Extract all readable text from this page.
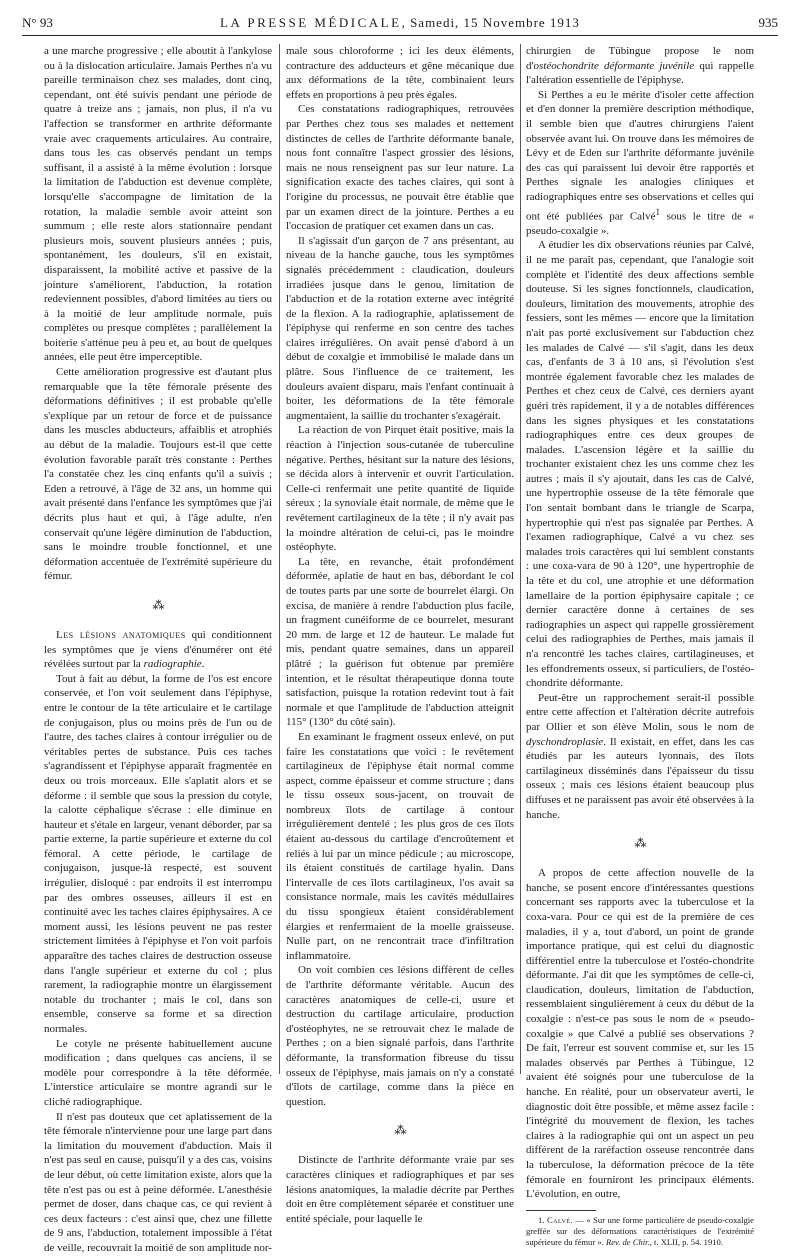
N° 93	LA PRESSE MÉDICALE, Samedi, 15 Novembre 1913	935

a une marche progressive ; elle aboutit à l'ankylose ou à la dislocation articulaire. Jamais Perthes n'a vu pareille terminaison chez ses malades, dont cinq, cependant, ont été suivis pendant une période de quatre à treize ans ; jamais, non plus, il n'a vu l'affection se transformer en arthrite déformante vraie avec craquements articulaires. Au contraire, dans tous les cas observés pendant un temps suffisant, il a assisté à la même évolution : lorsque la limitation de l'abduction est devenue complète, lorsqu'elle s'accompagne de limitation de la rotation, la maladie semble avoir atteint son summum ; elle reste alors stationnaire pendant plusieurs mois, souvent plusieurs années ; puis, spontanément, les douleurs, s'il en existait, disparaissent, la mobilité active et passive de la jointure s'améliorent, l'abduction, la rotation redeviennent possibles, d'abord limitées au tiers ou à la moitié de leur amplitude normale, puis complètes ou presque complètes ; parallèlement la boiterie s'atténue peu à peu et, au bout de quelques années, elle peut être imperceptible.

Cette amélioration progressive est d'autant plus remarquable que la tête fémorale présente des déformations définitives ; il est probable qu'elle s'explique par un retour de force et de puissance dans les muscles abducteurs, affaiblis et atrophiés au début de la maladie. Toujours est-il que cette évolution favorable paraît très constante : Perthes l'a constatée chez les cinq enfants qu'il a suivis ; Eden a retrouvé, à l'âge de 32 ans, un homme qui avait présenté dans l'enfance les symptômes que j'ai décrits plus haut et qui, à l'âge adulte, n'en conservait qu'une légère diminution de l'abduction, sans le moindre trouble fonctionnel, et une déformation accentuée de l'extrémité supérieure du fémur.

⁂

Les lésions anatomiques qui conditionnent les symptômes que je viens d'énumérer ont été révélées surtout par la radiographie.

Tout à fait au début, la forme de l'os est encore conservée, et l'on voit seulement dans l'épiphyse, entre le contour de la tête articulaire et le cartilage de conjugaison, plus ou moins près de l'un ou de l'autre, des taches claires à contour irrégulier ou de véritables pertes de substance. Puis ces taches s'agrandissent et l'épiphyse apparaît fragmentée en deux ou trois morceaux. Elle s'aplatit alors et se déforme : il semble que sous la pression du cotyle, la calotte céphalique s'écrase : elle diminue en hauteur et s'étale en largeur, venant déborder, par sa partie externe, la partie supérieure et externe du col fémoral. A cette période, le cartilage de conjugaison, jusque-là respecté, est souvent irrégulier, disloqué : par endroits il est interrompu par des ombres osseuses, ailleurs il est en continuité avec les taches claires épiphysaires. A ce moment aussi, les lésions peuvent ne pas rester strictement limitées à l'épiphyse et l'on voit parfois apparaître des taches claires de destruction osseuse dans l'angle supérieur et externe du col ; plus rarement, la radiographie montre un élargissement notable du trochanter ; mais le col, dans son ensemble, conserve sa forme et sa direction normales.

Le cotyle ne présente habituellement aucune modification ; dans quelques cas anciens, il se modèle pour correspondre à la tête déformée. L'interstice articulaire se montre agrandi sur le cliché radiographique.

Il n'est pas douteux que cet aplatissement de la tête fémorale n'intervienne pour une large part dans la limitation du mouvement d'abduction. Mais il n'est pas seul en cause, puisqu'il y a des cas, voisins de leur début, où cette limitation existe, alors que la tête n'est pas ou est à peine déformée. L'anesthésie permet de doser, dans chaque cas, ce qui revient à ces deux facteurs : c'est ainsi que, chez une fillette de 9 ans, l'abduction, totalement impossible à l'état de veille, recouvrait la moitié de son amplitude nor-

male sous chloroforme ; ici les deux éléments, contracture des adducteurs et gêne mécanique due aux déformations de la tête, combinaient leurs effets en proportions à peu près égales.

Ces constatations radiographiques, retrouvées par Perthes chez tous ses malades et nettement distinctes de celles de l'arthrite déformante banale, nous font connaître l'aspect grossier des lésions, mais ne nous renseignent pas sur leur nature. La signification exacte des taches claires, qui sont à l'origine du processus, ne pouvait être établie que par un examen direct de la jointure. Perthes a eu l'occasion de pratiquer cet examen dans un cas.

Il s'agissait d'un garçon de 7 ans présentant, au niveau de la hanche gauche, tous les symptômes signalés précédemment : claudication, douleurs irradiées jusque dans le genou, limitation de l'abduction et de la rotation externe avec intégrité de la flexion. A la radiographie, aplatissement de l'épiphyse qui renferme en son centre des taches claires irrégulières. On avait pensé d'abord à un début de coxalgie et immobilisé le malade dans un plâtre. Sous l'influence de ce traitement, les douleurs avaient disparu, mais l'enfant continuait à boiter, les déformations de la tête fémorale augmentaient, la saillie du trochanter s'exagérait.

La réaction de von Pirquet était positive, mais la réaction à l'injection sous-cutanée de tuberculine négative. Perthes, hésitant sur la nature des lésions, se décida alors à intervenir et ouvrit l'articulation. Celle-ci renfermait une petite quantité de liquide séreux ; la synoviale était normale, de même que le revêtement cartilagineux de la tête ; il n'y avait pas la moindre altération de celui-ci, pas le moindre ostéophyte.

La tête, en revanche, était profondément déformée, aplatie de haut en bas, débordant le col de toutes parts par une sorte de bourrelet élargi. On excisa, de manière à rendre l'abduction plus facile, un fragment cunéiforme de ce bourrelet, mesurant 20 mm. de large et 12 de hauteur. Le malade fut mis, pendant quatre semaines, dans un appareil plâtré ; la guérison fut obtenue par première intention, et le résultat thérapeutique donna toute satisfaction, puisque la rotation redevint tout à fait normale et que l'amplitude de l'abduction atteignit 115° (130° du côté sain).

En examinant le fragment osseux enlevé, on put faire les constatations que voici : le revêtement cartilagineux de l'épiphyse était normal comme aspect, comme épaisseur et comme structure ; dans le tissu osseux sous-jacent, on trouvait de nombreux îlots de cartilage à contour irrégulièrement dentelé ; les plus gros de ces îlots étaient au-dessous du cartilage d'encroûtement et reliés à lui par un mince pédicule ; au microscope, ils étaient constitués de cartilage hyalin. Dans l'intervalle de ces îlots cartilagineux, l'os avait sa consistance normale, mais les cavités médullaires du tissu spongieux étaient considérablement élargies et renfermaient de la moelle graisseuse. Nulle part, on ne rencontrait trace d'infiltration inflammatoire.

On voit combien ces lésions diffèrent de celles de l'arthrite déformante véritable. Aucun des caractères anatomiques de celle-ci, usure et destruction du cartilage articulaire, production d'ostéophytes, ne se retrouvait chez le malade de Perthes ; on a bien signalé parfois, dans l'arthrite déformante, la transformation fibreuse du tissu osseux de l'épiphyse, mais jamais on n'y a constaté d'îlots de cartilage, comme dans la pièce en question.

⁂

Distincte de l'arthrite déformante vraie par ses caractères cliniques et radiographiques et par ses lésions anatomiques, la maladie décrite par Perthes doit en être complètement séparée et constituer une entité spéciale, pour laquelle le

chirurgien de Tübingue propose le nom d'ostéochondrite déformante juvénile qui rappelle l'altération essentielle de l'épiphyse.

Si Perthes a eu le mérite d'isoler cette affection et d'en donner la première description méthodique, il semble bien que d'autres chirurgiens l'aient observée avant lui. On trouve dans les mémoires de Lévy et de Eden sur l'arthrite déformante juvénile des cas qui paraissent lui devoir être rapportés et Perthes signale les analogies cliniques et radiographiques entre ses observations et celles qui ont été publiées par Calvé$^1$ sous le titre de « pseudo-coxalgie ».

A étudier les dix observations réunies par Calvé, il ne me paraît pas, cependant, que l'analogie soit complète et l'identité des deux affections semble douteuse. Si les signes fonctionnels, claudication, douleurs, limitation des mouvements, atrophie des fessiers, sont les mêmes — encore que la limitation n'ait pas porté exclusivement sur l'abduction chez les malades de Calvé — s'il s'agit, dans les deux cas, d'enfants de 3 à 10 ans, si l'évolution s'est montrée également favorable chez les malades de Perthes et chez ceux de Calvé, ces derniers ayant guéri très rapidement, il y a de notables différences dans les signes physiques et les constatations radiographiques entre ces deux groupes de malades. L'ascension légère et la saillie du trochanter existaient chez les uns comme chez les autres ; mais il s'y ajoutait, dans les cas de Calvé, une hypertrophie osseuse de la tête fémorale que l'on sentait bombant dans le triangle de Scarpa, hypertrophie qui n'est pas signalée par Perthes. A l'examen radiographique, Calvé a vu chez ses malades trois caractères qui lui semblent constants : une coxa-vara de 90 à 120°, une hypertrophie de la tête et du col, une atrophie et une déformation lamellaire de la portion épiphysaire capitale ; ce dernier caractère donne à certaines de ses radiographies un aspect qui rappelle grossièrement celui des radiographies de Perthes, mais jamais il n'a rencontré les taches claires, cartilagineuses, et les effondrements osseux, si particuliers, de l'ostéo-chondrite déformante.

Peut-être un rapprochement serait-il possible entre cette affection et l'altération décrite autrefois par Ollier et son élève Molin, sous le nom de dyschondroplasie. Il existait, en effet, dans les cas étudiés par les auteurs lyonnais, des îlots cartilagineux disséminés dans l'épaisseur du tissu osseux ; mais ces lésions étaient beaucoup plus diffuses et ne paraissent pas avoir été observées à la hanche.

⁂

A propos de cette affection nouvelle de la hanche, se posent encore d'intéressantes questions concernant ses rapports avec la tuberculose et la coxa-vara. Pour ce qui est de la première de ces maladies, il y a, tout d'abord, un point de grande importance pratique, qui est celui du diagnostic différentiel entre la tuberculose et l'ostéo-chondrite déformante. J'ai dit que les symptômes de celle-ci, claudication, douleurs, limitation de l'abduction, ressemblaient singulièrement à ceux du début de la coxalgie : n'est-ce pas sous le nom de « pseudo-coxalgie » que Calvé a publié ses observations ? De fait, l'erreur est souvent commise et, sur les 15 malades observés par Perthes à Tübingue, 12 avaient été soignés pour une tuberculose de la hanche. En réalité, pour un observateur averti, le diagnostic doit être possible, et même assez facile : l'intégrité du mouvement de flexion, les taches claires à la radiographie qui ont un aspect un peu différent de la raréfaction osseuse rencontrée dans la tuberculose, la déformation précoce de la tête fémorale en fourniront les principaux éléments. L'évolution, en outre,

1. Calvé. — « Sur une forme particulière de pseudo-coxalgie greffée sur des déformations caractéristiques de l'extrémité supérieure du fémur ». Rev. de Chir., t. XLII, p. 54. 1910.
